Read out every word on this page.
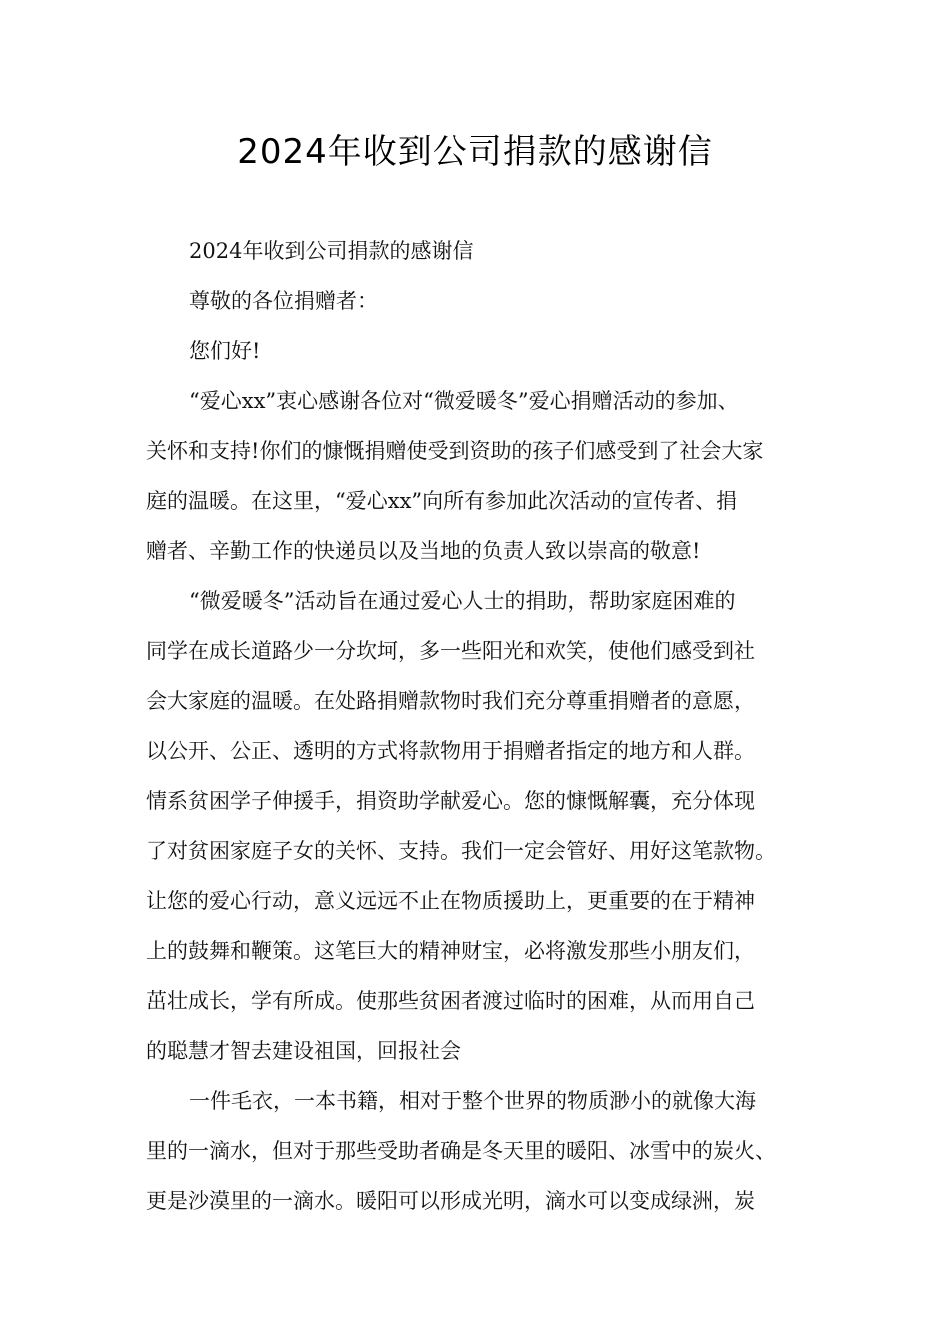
2024年收到公司捐款的感谢信
2024年收到公司捐款的感谢信
尊敬的各位捐赠者：
您们好!
“爱心xx”衷心感谢各位对“微爱暖冬”爱心捐赠活动的参加、
关怀和支持!你们的慷慨捐赠使受到资助的孩子们感受到了社会大家
庭的温暖。在这里，“爱心xx”向所有参加此次活动的宣传者、捐
赠者、辛勤工作的快递员以及当地的负责人致以崇高的敬意!
“微爱暖冬”活动旨在通过爱心人士的捐助，帮助家庭困难的
同学在成长道路少一分坎坷，多一些阳光和欢笑，使他们感受到社
会大家庭的温暖。在处路捐赠款物时我们充分尊重捐赠者的意愿，
以公开、公正、透明的方式将款物用于捐赠者指定的地方和人群。
情系贫困学子伸援手，捐资助学献爱心。您的慷慨解囊，充分体现
了对贫困家庭子女的关怀、支持。我们一定会管好、用好这笔款物。
让您的爱心行动，意义远远不止在物质援助上，更重要的在于精神
上的鼓舞和鞭策。这笔巨大的精神财宝，必将激发那些小朋友们，
茁壮成长，学有所成。使那些贫困者渡过临时的困难，从而用自己
的聪慧才智去建设祖国，回报社会
一件毛衣，一本书籍，相对于整个世界的物质渺小的就像大海
里的一滴水，但对于那些受助者确是冬天里的暖阳、冰雪中的炭火、
更是沙漠里的一滴水。暖阳可以形成光明，滴水可以变成绿洲，炭
